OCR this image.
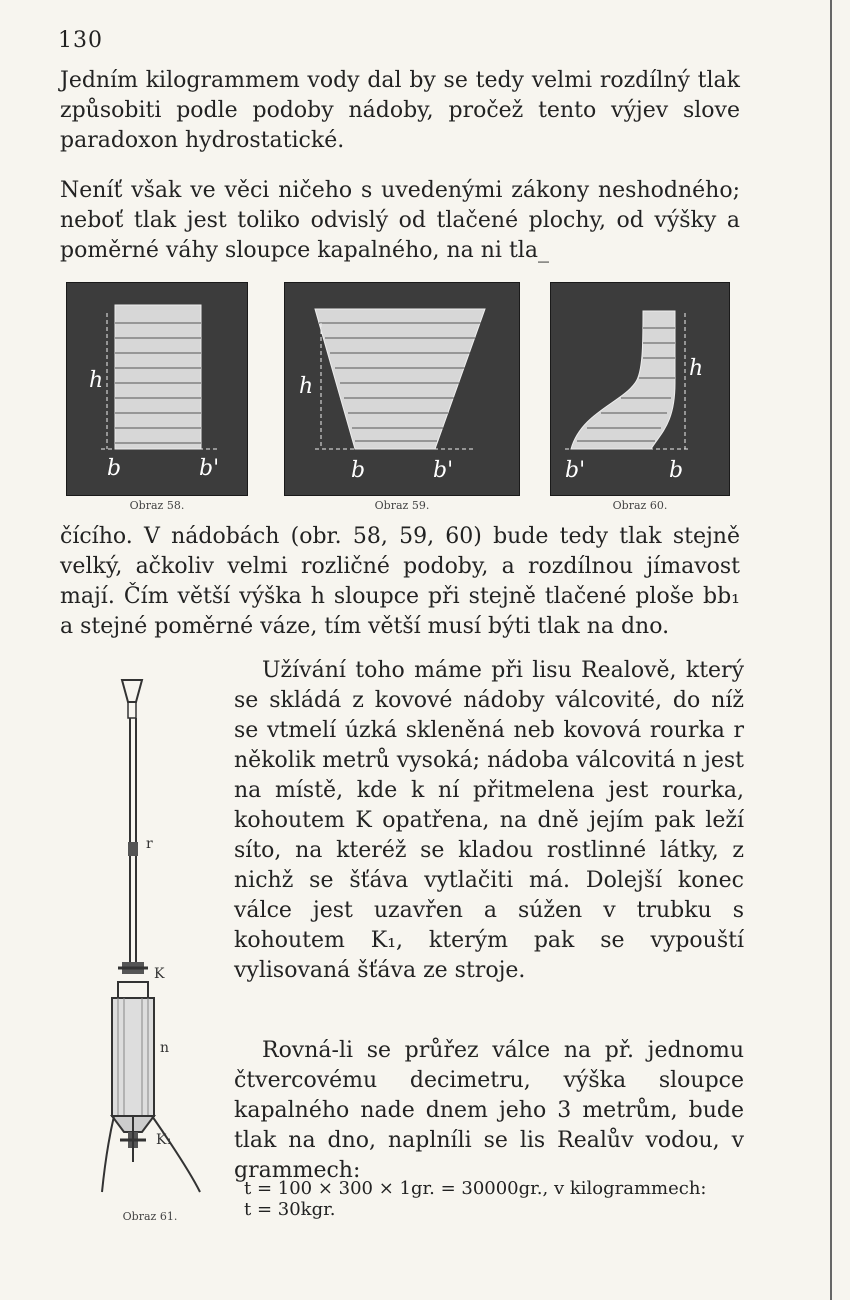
130

Jedním kilogrammem vody dal by se tedy velmi rozdílný tlak způsobiti podle podoby nádoby, pročež tento výjev slove paradoxon hydrostatické.

Neníť však ve věci ničeho s uvedenými zákony neshodného; neboť tlak jest toliko odvislý od tlačené plochy, od výšky a poměrné váhy sloupce kapalného, na ni tla_

h
b	b'
Obraz 58.
h
b	b'
Obraz 59.
h
b'	b
Obraz 60.

čícího. V nádobách (obr. 58, 59, 60) bude tedy tlak stejně velký, ačkoliv velmi rozličné podoby, a rozdílnou jímavost mají. Čím větší výška h sloupce při stejně tlačené ploše bb₁ a stejné poměrné váze, tím větší musí býti tlak na dno.

r
K
n
K₁
Obraz 61.

Užívání toho máme při lisu Realově, který se skládá z kovové nádoby válcovité, do níž se vtmelí úzká skleněná neb kovová rourka r několik metrů vysoká; nádoba válcovitá n jest na místě, kde k ní přitmelena jest rourka, kohoutem K opatřena, na dně jejím pak leží síto, na kteréž se kladou rostlinné látky, z nichž se šťáva vytlačiti má. Dolejší konec válce jest uzavřen a súžen v trubku s kohoutem K₁, kterým pak se vypouští vylisovaná šťáva ze stroje.

Rovná-li se průřez válce na př. jednomu čtvercovému decimetru, výška sloupce kapalného nade dnem jeho 3 metrům, bude tlak na dno, naplníli se lis Realův vodou, v grammech:

t = 100 × 300 × 1gr. = 30000gr., v kilogrammech:
t = 30kgr.
